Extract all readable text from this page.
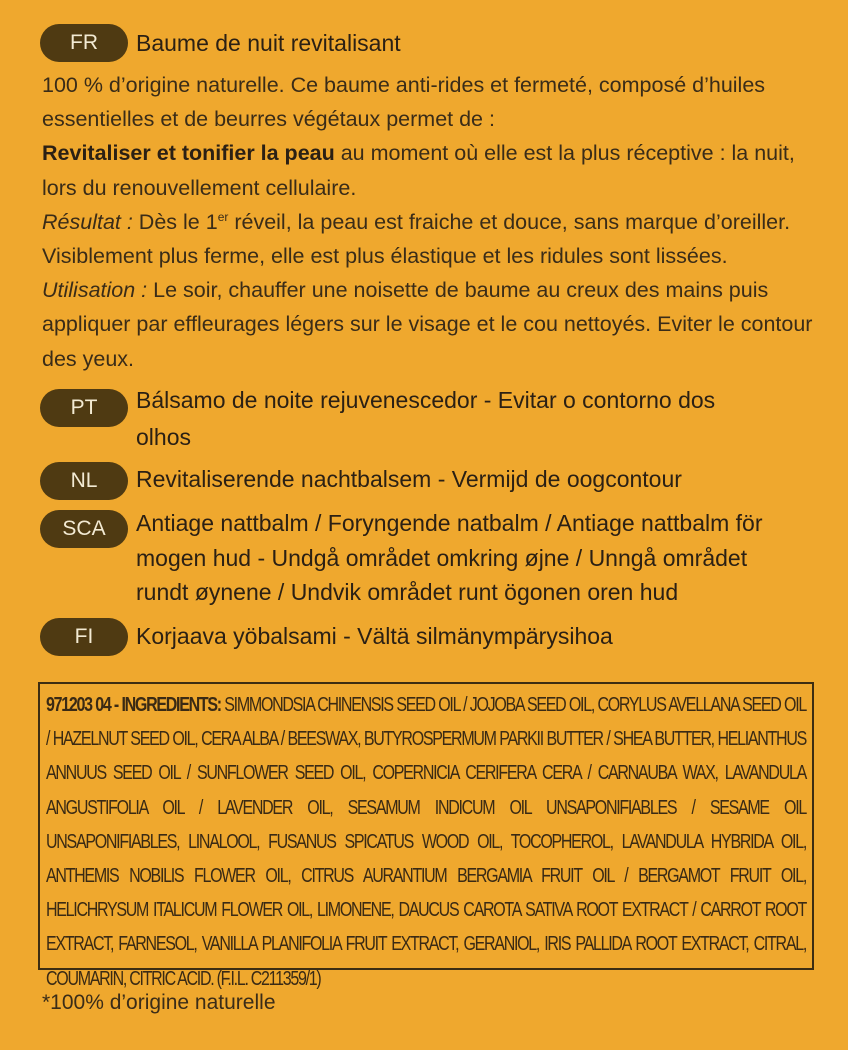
FR	Baume de nuit revitalisant

100 % d’origine naturelle. Ce baume anti-rides et fermeté, composé d’huiles essentielles et de beurres végétaux permet de :

Revitaliser et tonifier la peau au moment où elle est la plus réceptive : la nuit, lors du renouvellement cellulaire.

Résultat : Dès le 1er réveil, la peau est fraiche et douce, sans marque d’oreiller. Visiblement plus ferme, elle est plus élastique et les ridules sont lissées.

Utilisation : Le soir, chauffer une noisette de baume au creux des mains puis appliquer par effleurages légers sur le visage et le cou nettoyés. Eviter le contour des yeux.

PT	Bálsamo de noite rejuvenescedor - Evitar o contorno dos
olhos
NL	Revitaliserende nachtbalsem - Vermijd de oogcontour
SCA	Antiage nattbalm / Foryngende natbalm / Antiage nattbalm för
mogen hud - Undgå området omkring øjne / Unngå området
rundt øynene / Undvik området runt ögonen oren hud
FI	Korjaava yöbalsami - Vältä silmänympärysihoa
971203 04 - INGREDIENTS: SIMMONDSIA CHINENSIS SEED OIL / JOJOBA SEED OIL, CORYLUS AVELLANA SEED OIL / HAZELNUT SEED OIL, CERA ALBA / BEESWAX, BUTYROSPERMUM PARKII BUTTER / SHEA BUTTER, HELIANTHUS ANNUUS SEED OIL / SUNFLOWER SEED OIL, COPERNICIA CERIFERA CERA / CARNAUBA WAX, LAVANDULA ANGUSTIFOLIA OIL / LAVENDER OIL, SESAMUM INDICUM OIL UNSAPONIFIABLES / SESAME OIL UNSAPONIFIABLES, LINALOOL, FUSANUS SPICATUS WOOD OIL, TOCOPHEROL, LAVANDULA HYBRIDA OIL, ANTHEMIS NOBILIS FLOWER OIL, CITRUS AURANTIUM BERGAMIA FRUIT OIL / BERGAMOT FRUIT OIL, HELICHRYSUM ITALICUM FLOWER OIL, LIMONENE, DAUCUS CAROTA SATIVA ROOT EXTRACT / CARROT ROOT EXTRACT, FARNESOL, VANILLA PLANIFOLIA FRUIT EXTRACT, GERANIOL, IRIS PALLIDA ROOT EXTRACT, CITRAL, COUMARIN, CITRIC ACID. (F.I.L. C211359/1)
*100% d’origine naturelle
